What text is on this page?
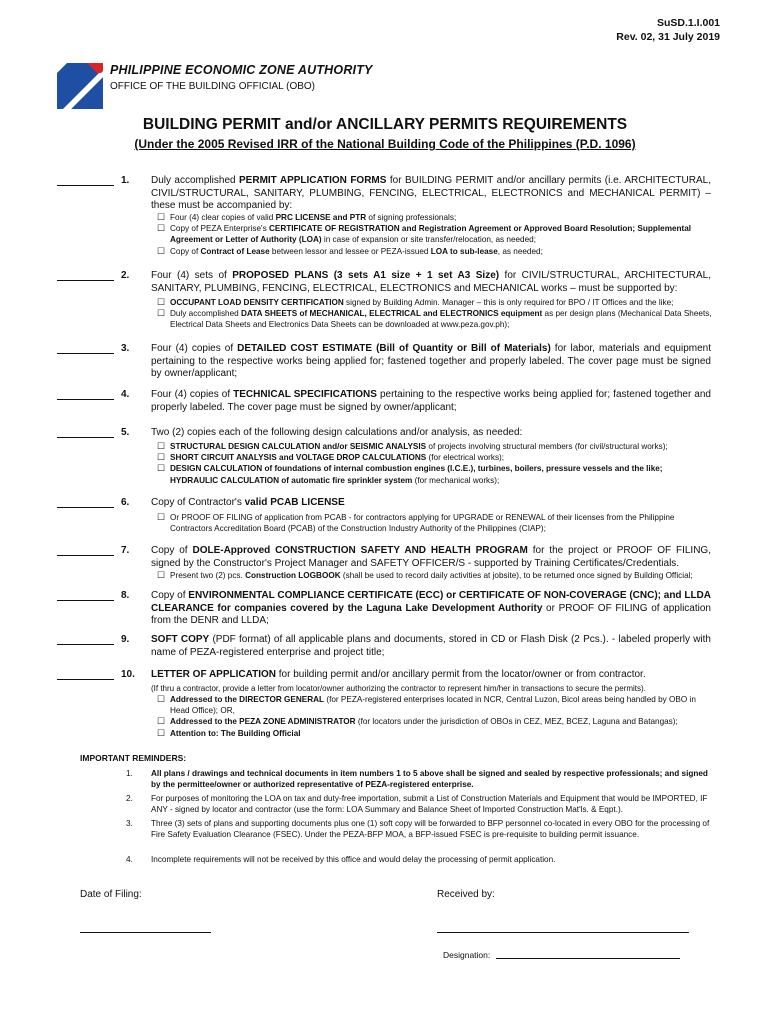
SuSD.1.I.001
Rev. 02, 31 July 2019
PHILIPPINE ECONOMIC ZONE AUTHORITY
OFFICE OF THE BUILDING OFFICIAL (OBO)
BUILDING PERMIT and/or ANCILLARY PERMITS REQUIREMENTS
(Under the 2005 Revised IRR of the National Building Code of the Philippines (P.D. 1096)
1. Duly accomplished PERMIT APPLICATION FORMS for BUILDING PERMIT and/or ancillary permits (i.e. ARCHITECTURAL, CIVIL/STRUCTURAL, SANITARY, PLUMBING, FENCING, ELECTRICAL, ELECTRONICS and MECHANICAL PERMIT) – these must be accompanied by:
☐ Four (4) clear copies of valid PRC LICENSE and PTR of signing professionals;
☐ Copy of PEZA Enterprise's CERTIFICATE OF REGISTRATION and Registration Agreement or Approved Board Resolution; Supplemental Agreement or Letter of Authority (LOA) in case of expansion or site transfer/relocation, as needed;
☐ Copy of Contract of Lease between lessor and lessee or PEZA-issued LOA to sub-lease, as needed;
2. Four (4) sets of PROPOSED PLANS (3 sets A1 size + 1 set A3 Size) for CIVIL/STRUCTURAL, ARCHITECTURAL, SANITARY, PLUMBING, FENCING, ELECTRICAL, ELECTRONICS and MECHANICAL works – must be supported by:
☐ OCCUPANT LOAD DENSITY CERTIFICATION signed by Building Admin. Manager – this is only required for BPO / IT Offices and the like;
☐ Duly accomplished DATA SHEETS of MECHANICAL, ELECTRICAL and ELECTRONICS equipment as per design plans (Mechanical Data Sheets, Electrical Data Sheets and Electronics Data Sheets can be downloaded at www.peza.gov.ph);
3. Four (4) copies of DETAILED COST ESTIMATE (Bill of Quantity or Bill of Materials) for labor, materials and equipment pertaining to the respective works being applied for; fastened together and properly labeled. The cover page must be signed by owner/applicant;
4. Four (4) copies of TECHNICAL SPECIFICATIONS pertaining to the respective works being applied for; fastened together and properly labeled. The cover page must be signed by owner/applicant;
5. Two (2) copies each of the following design calculations and/or analysis, as needed:
☐ STRUCTURAL DESIGN CALCULATION and/or SEISMIC ANALYSIS of projects involving structural members (for civil/structural works);
☐ SHORT CIRCUIT ANALYSIS and VOLTAGE DROP CALCULATIONS (for electrical works);
☐ DESIGN CALCULATION of foundations of internal combustion engines (I.C.E.), turbines, boilers, pressure vessels and the like; HYDRAULIC CALCULATION of automatic fire sprinkler system (for mechanical works);
6. Copy of Contractor's valid PCAB LICENSE
☐ Or PROOF OF FILING of application from PCAB - for contractors applying for UPGRADE or RENEWAL of their licenses from the Philippine Contractors Accreditation Board (PCAB) of the Construction Industry Authority of the Philippines (CIAP);
7. Copy of DOLE-Approved CONSTRUCTION SAFETY AND HEALTH PROGRAM for the project or PROOF OF FILING, signed by the Constructor's Project Manager and SAFETY OFFICER/S - supported by Training Certificates/Credentials.
☐ Present two (2) pcs. Construction LOGBOOK (shall be used to record daily activities at jobsite), to be returned once signed by Building Official;
8. Copy of ENVIRONMENTAL COMPLIANCE CERTIFICATE (ECC) or CERTIFICATE OF NON-COVERAGE (CNC); and LLDA CLEARANCE for companies covered by the Laguna Lake Development Authority or PROOF OF FILING of application from the DENR and LLDA;
9. SOFT COPY (PDF format) of all applicable plans and documents, stored in CD or Flash Disk (2 Pcs.). - labeled properly with name of PEZA-registered enterprise and project title;
10. LETTER OF APPLICATION for building permit and/or ancillary permit from the locator/owner or from contractor.
(If thru a contractor, provide a letter from locator/owner authorizing the contractor to represent him/her in transactions to secure the permits).
☐ Addressed to the DIRECTOR GENERAL (for PEZA-registered enterprises located in NCR, Central Luzon, Bicol areas being handled by OBO in Head Office); OR,
☐ Addressed to the PEZA ZONE ADMINISTRATOR (for locators under the jurisdiction of OBOs in CEZ, MEZ, BCEZ, Laguna and Batangas);
☐ Attention to: The Building Official
IMPORTANT REMINDERS:
1.	All plans / drawings and technical documents in item numbers 1 to 5 above shall be signed and sealed by respective professionals; and signed by the permittee/owner or authorized representative of PEZA-registered enterprise.
2.	For purposes of monitoring the LOA on tax and duty-free importation, submit a List of Construction Materials and Equipment that would be IMPORTED, IF ANY - signed by locator and contractor (use the form: LOA Summary and Balance Sheet of Imported Construction Mat'ls. & Eqpt.).
3.	Three (3) sets of plans and supporting documents plus one (1) soft copy will be forwarded to BFP personnel co-located in every OBO for the processing of Fire Safety Evaluation Clearance (FSEC). Under the PEZA-BFP MOA, a BFP-issued FSEC is pre-requisite to building permit issuance.
4.	Incomplete requirements will not be received by this office and would delay the processing of permit application.
Date of Filing:	Received by:
Designation:
